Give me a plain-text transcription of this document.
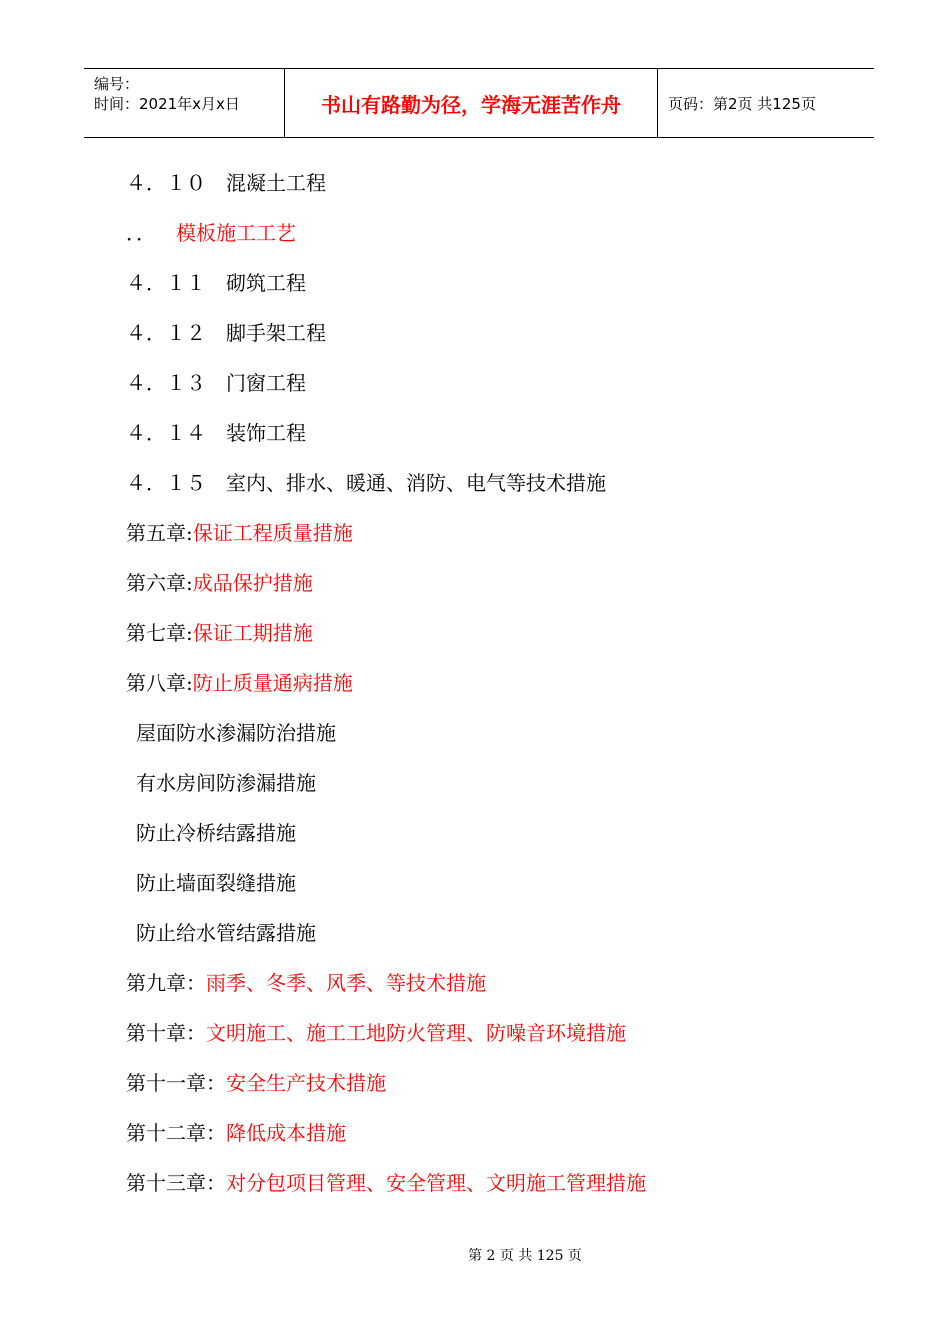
编号：
时间：2021年x月x日	书山有路勤为径，学海无涯苦作舟	页码：第2页 共125页
４．１０　 混凝土工程
．．　 模板施工工艺
４．１１　 砌筑工程
４．１２　 脚手架工程
４．１３　 门窗工程
４．１４　 装饰工程
４．１５　 室内、排水、暖通、消防、电气等技术措施
第五章:保证工程质量措施
第六章:成品保护措施
第七章:保证工期措施
第八章:防止质量通病措施
屋面防水渗漏防治措施
有水房间防渗漏措施
防止冷桥结露措施
防止墙面裂缝措施
防止给水管结露措施
第九章：雨季、冬季、风季、等技术措施
第十章：文明施工、施工工地防火管理、防噪音环境措施
第十一章：安全生产技术措施
第十二章：降低成本措施
第十三章：对分包项目管理、安全管理、文明施工管理措施
第 2 页 共 125 页
